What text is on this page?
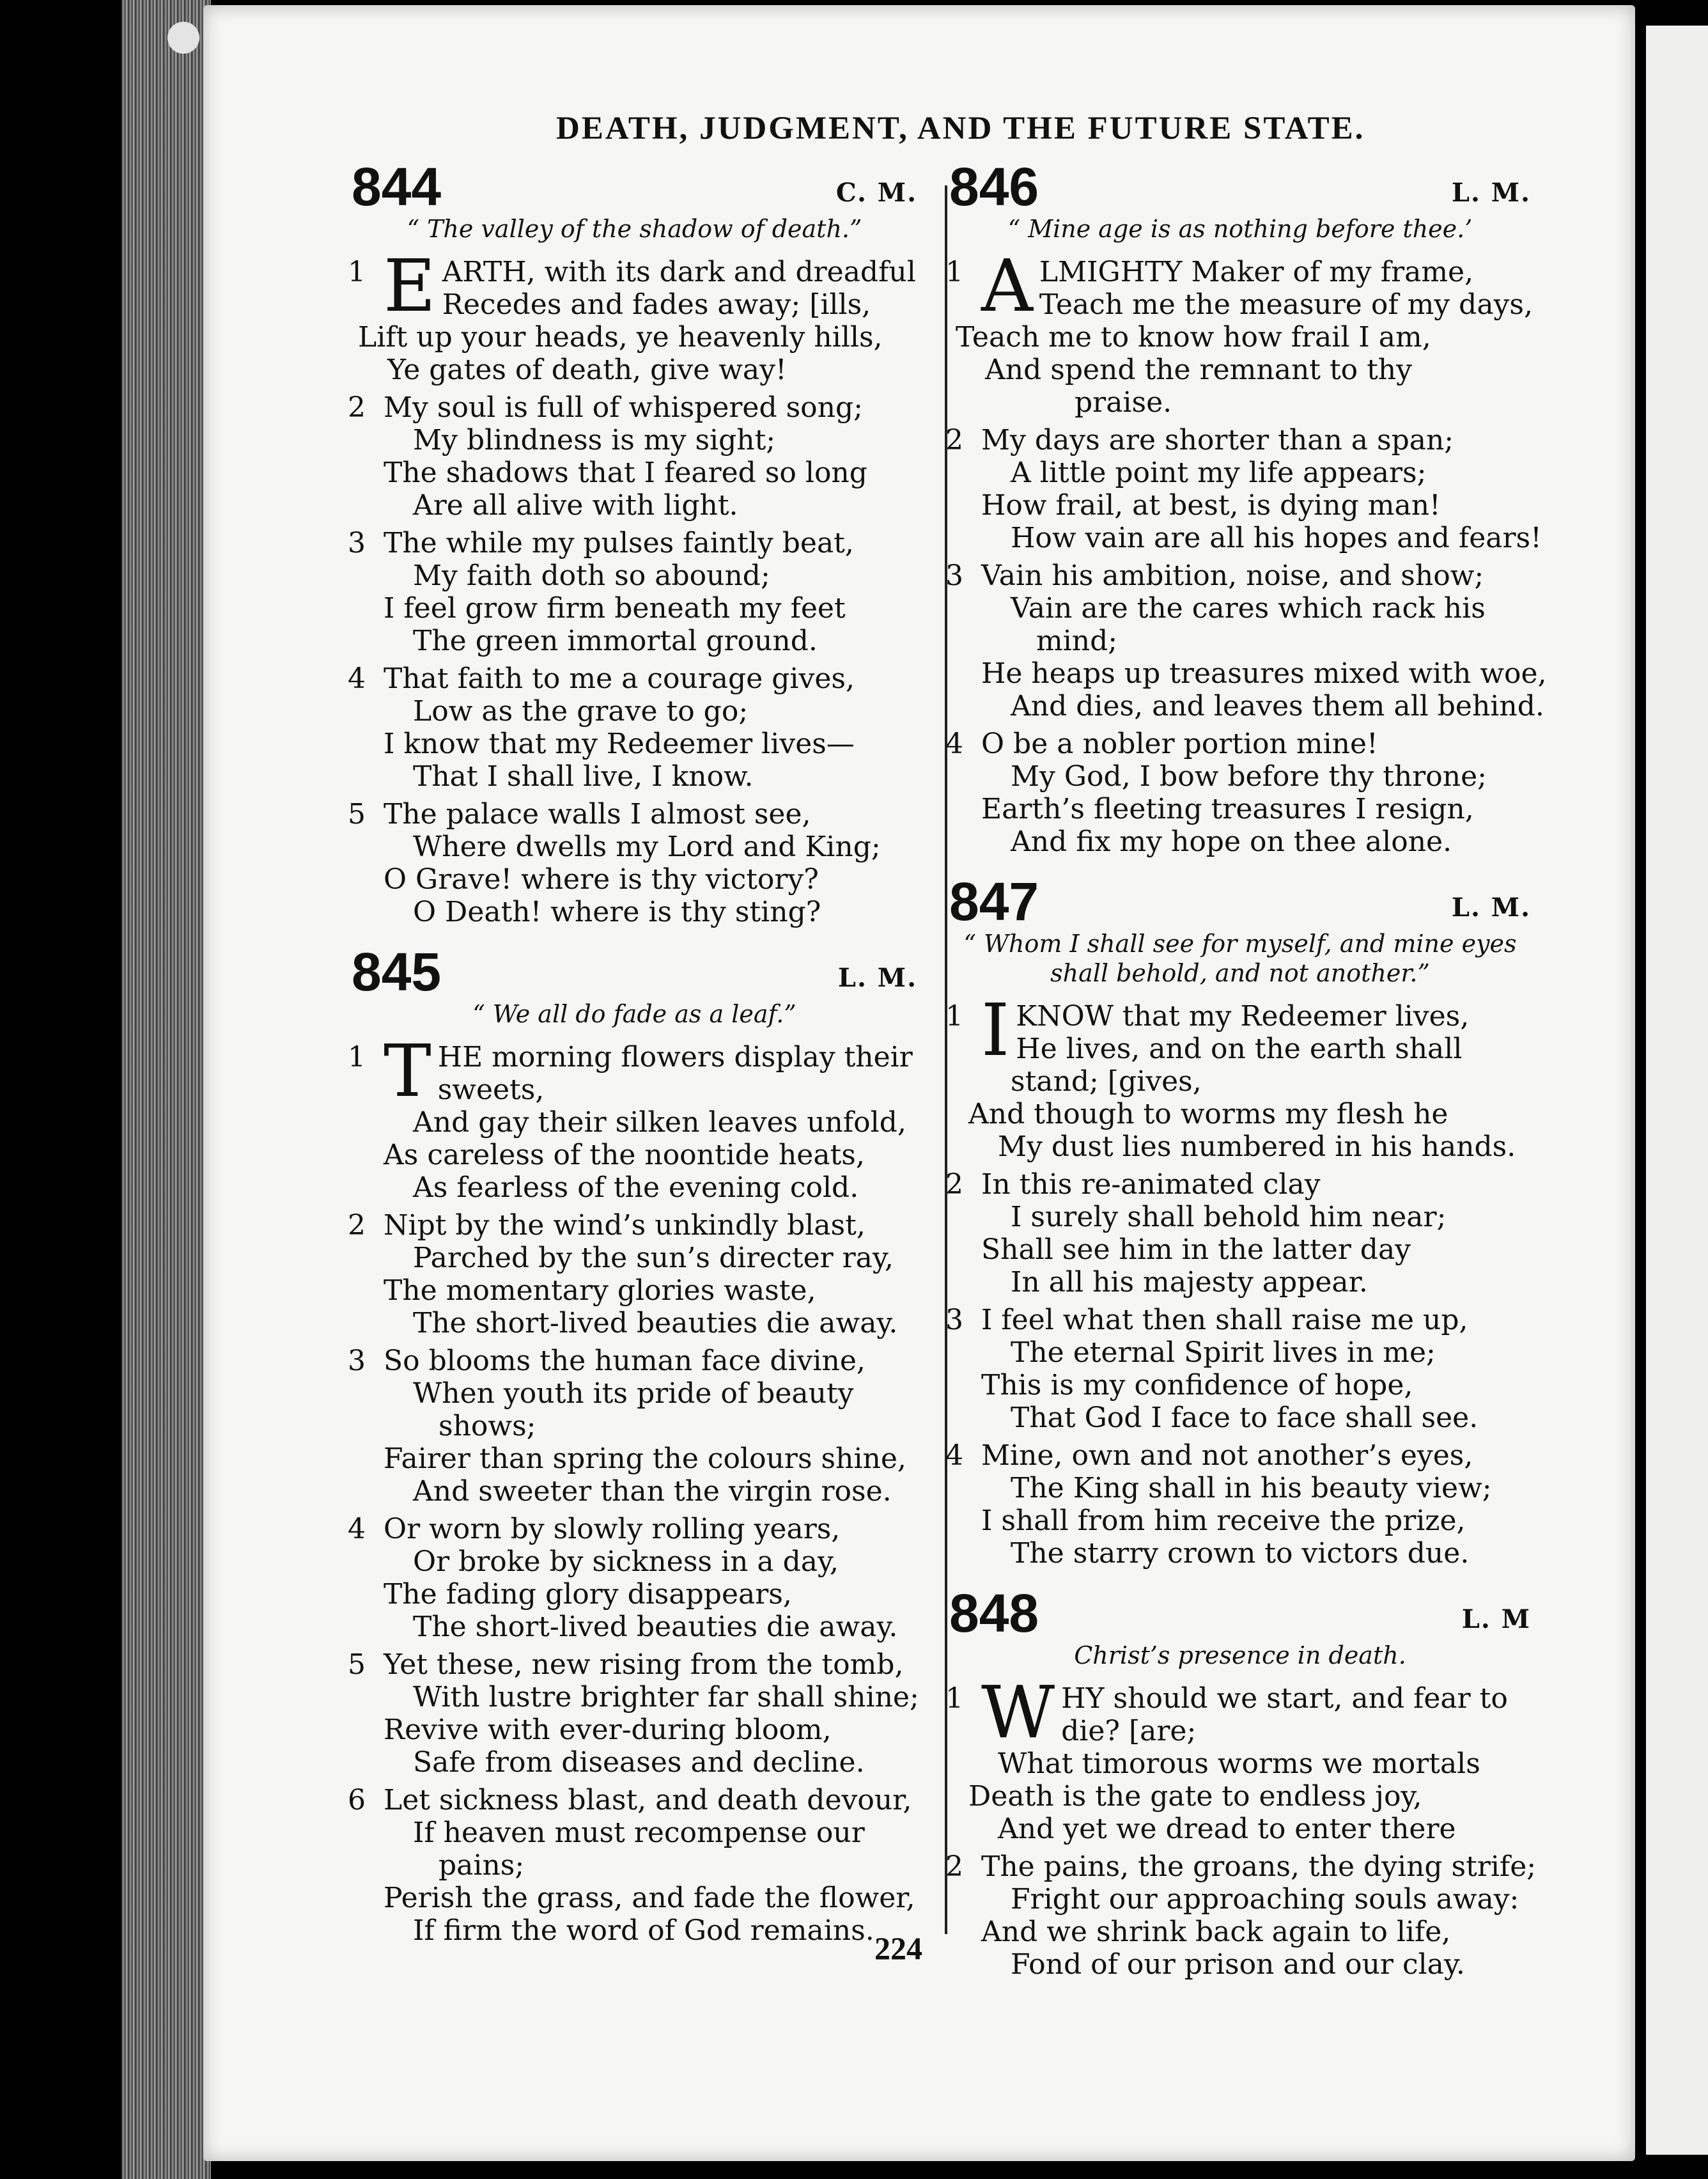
DEATH, JUDGMENT, AND THE FUTURE STATE.
844	C. M.
“ The valley of the shadow of death.”
1 E ARTH, with its dark and dreadful
Recedes and fades away; [ills,
Lift up your heads, ye heavenly hills,
Ye gates of death, give way!
2 My soul is full of whispered song;
My blindness is my sight;
The shadows that I feared so long
Are all alive with light.
3 The while my pulses faintly beat,
My faith doth so abound;
I feel grow firm beneath my feet
The green immortal ground.
4 That faith to me a courage gives,
Low as the grave to go;
I know that my Redeemer lives—
That I shall live, I know.
5 The palace walls I almost see,
Where dwells my Lord and King;
O Grave! where is thy victory?
O Death! where is thy sting?
845	L. M.
“ We all do fade as a leaf.”
1 T HE morning flowers display their
sweets,
And gay their silken leaves unfold,
As careless of the noontide heats,
As fearless of the evening cold.
2 Nipt by the wind’s unkindly blast,
Parched by the sun’s directer ray,
The momentary glories waste,
The short-lived beauties die away.
3 So blooms the human face divine,
When youth its pride of beauty
shows;
Fairer than spring the colours shine,
And sweeter than the virgin rose.
4 Or worn by slowly rolling years,
Or broke by sickness in a day,
The fading glory disappears,
The short-lived beauties die away.
5 Yet these, new rising from the tomb,
With lustre brighter far shall shine;
Revive with ever-during bloom,
Safe from diseases and decline.
6 Let sickness blast, and death devour,
If heaven must recompense our
pains;
Perish the grass, and fade the flower,
If firm the word of God remains.
846	L. M.
“ Mine age is as nothing before thee.’
1 A LMIGHTY Maker of my frame,
Teach me the measure of my days,
Teach me to know how frail I am,
And spend the remnant to thy
praise.
2 My days are shorter than a span;
A little point my life appears;
How frail, at best, is dying man!
How vain are all his hopes and fears!
3 Vain his ambition, noise, and show;
Vain are the cares which rack his
mind;
He heaps up treasures mixed with woe,
And dies, and leaves them all behind.
4 O be a nobler portion mine!
My God, I bow before thy throne;
Earth’s fleeting treasures I resign,
And fix my hope on thee alone.
847	L. M.
“ Whom I shall see for myself, and mine eyes
shall behold, and not another.”
1 I KNOW that my Redeemer lives,
He lives, and on the earth shall
stand; [gives,
And though to worms my flesh he
My dust lies numbered in his hands.
2 In this re-animated clay
I surely shall behold him near;
Shall see him in the latter day
In all his majesty appear.
3 I feel what then shall raise me up,
The eternal Spirit lives in me;
This is my confidence of hope,
That God I face to face shall see.
4 Mine, own and not another’s eyes,
The King shall in his beauty view;
I shall from him receive the prize,
The starry crown to victors due.
848	L. M
Christ’s presence in death.
1 W HY should we start, and fear to
die? [are;
What timorous worms we mortals
Death is the gate to endless joy,
And yet we dread to enter there
2 The pains, the groans, the dying strife;
Fright our approaching souls away:
And we shrink back again to life,
Fond of our prison and our clay.
224
